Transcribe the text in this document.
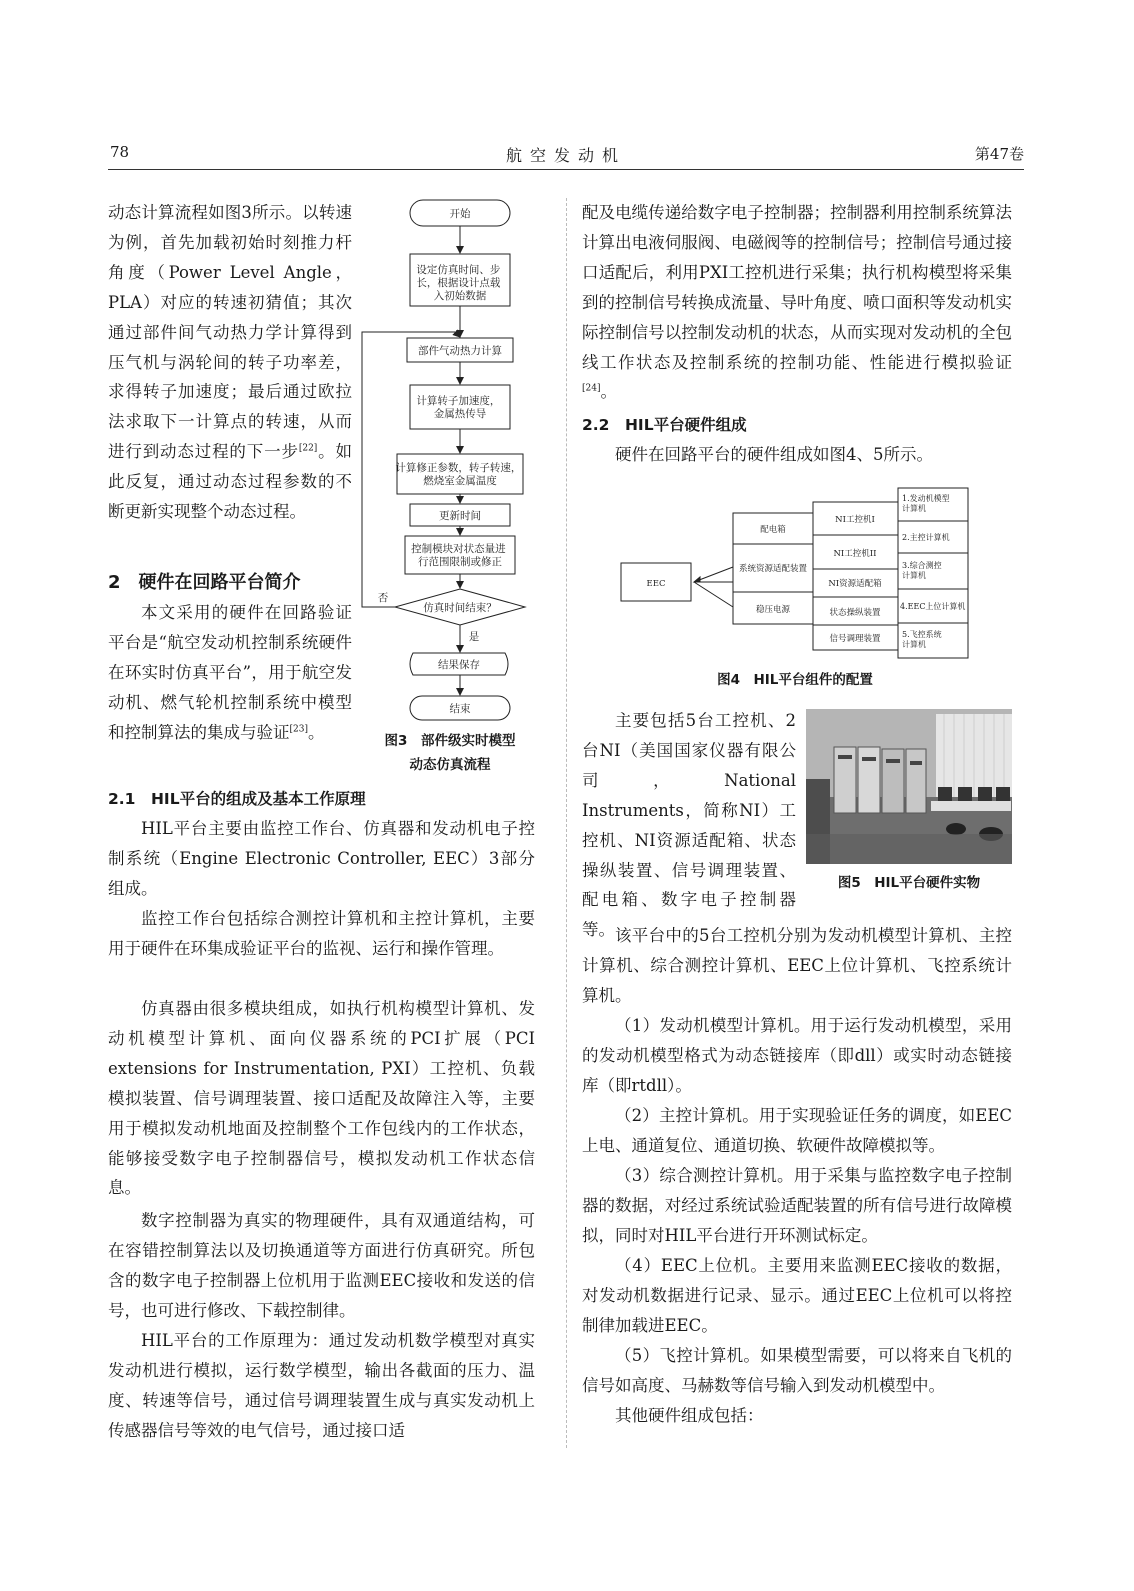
78	航空发动机	第47卷

动态计算流程如图3所示。以转速为例，首先加载初始时刻推力杆角度（Power Level Angle，PLA）对应的转速初猜值；其次通过部件间气动热力学计算得到压气机与涡轮间的转子功率差，求得转子加速度；最后通过欧拉法求取下一计算点的转速，从而进行到动态过程的下一步[22]。如此反复，通过动态过程参数的不断更新实现整个动态过程。

2　硬件在回路平台简介

本文采用的硬件在回路验证平台是“航空发动机控制系统硬件在环实时仿真平台”，用于航空发动机、燃气轮机控制系统中模型和控制算法的集成与验证[23]。

2.1　HIL平台的组成及基本工作原理

HIL平台主要由监控工作台、仿真器和发动机电子控制系统（Engine Electronic Controller, EEC）3部分组成。

监控工作台包括综合测控计算机和主控计算机，主要用于硬件在环集成验证平台的监视、运行和操作管理。

仿真器由很多模块组成，如执行机构模型计算机、发动机模型计算机、面向仪器系统的PCI扩展（PCI extensions for Instrumentation, PXI）工控机、负载模拟装置、信号调理装置、接口适配及故障注入等，主要用于模拟发动机地面及控制整个工作包线内的工作状态，能够接受数字电子控制器信号，模拟发动机工作状态信息。

数字控制器为真实的物理硬件，具有双通道结构，可在容错控制算法以及切换通道等方面进行仿真研究。所包含的数字电子控制器上位机用于监测EEC接收和发送的信号，也可进行修改、下载控制律。

HIL平台的工作原理为：通过发动机数学模型对真实发动机进行模拟，运行数学模型，输出各截面的压力、温度、转速等信号，通过信号调理装置生成与真实发动机上传感器信号等效的电气信号，通过接口适

开始
设定仿真时间、步 长，根据设计点载 入初始数据
部件气动热力计算
计算转子加速度， 金属热传导
计算修正参数，转子转速， 燃烧室金属温度
更新时间
控制模块对状态量进 行范围限制或修正
仿真时间结束？
结果保存
结束
否
是
图3　部件级实时模型
动态仿真流程

配及电缆传递给数字电子控制器；控制器利用控制系统算法计算出电液伺服阀、电磁阀等的控制信号；控制信号通过接口适配后，利用PXI工控机进行采集；执行机构模型将采集到的控制信号转换成流量、导叶角度、喷口面积等发动机实际控制信号以控制发动机的状态，从而实现对发动机的全包线工作状态及控制系统的控制功能、性能进行模拟验证[24]。

2.2　HIL平台硬件组成

硬件在回路平台的硬件组成如图4、5所示。

EEC
配电箱
系统资源适配装置
稳压电源
NI工控机I
NI工控机II
NI资源适配箱
状态操纵装置
信号调理装置
1.发动机模型计算机
2.主控计算机
3.综合测控计算机
4.EEC上位计算机
5.飞控系统计算机
图4　HIL平台组件的配置

主要包括5台工控机、2台NI（美国国家仪器有限公司，National Instruments，简称NI）工控机、NI资源适配箱、状态操纵装置、信号调理装置、配电箱、数字电子控制器等。

图5　HIL平台硬件实物

该平台中的5台工控机分别为发动机模型计算机、主控计算机、综合测控计算机、EEC上位计算机、飞控系统计算机。

（1）发动机模型计算机。用于运行发动机模型，采用的发动机模型格式为动态链接库（即dll）或实时动态链接库（即rtdll）。

（2）主控计算机。用于实现验证任务的调度，如EEC上电、通道复位、通道切换、软硬件故障模拟等。

（3）综合测控计算机。用于采集与监控数字电子控制器的数据，对经过系统试验适配装置的所有信号进行故障模拟，同时对HIL平台进行开环测试标定。

（4）EEC上位机。主要用来监测EEC接收的数据，对发动机数据进行记录、显示。通过EEC上位机可以将控制律加载进EEC。

（5）飞控计算机。如果模型需要，可以将来自飞机的信号如高度、马赫数等信号输入到发动机模型中。

其他硬件组成包括：
